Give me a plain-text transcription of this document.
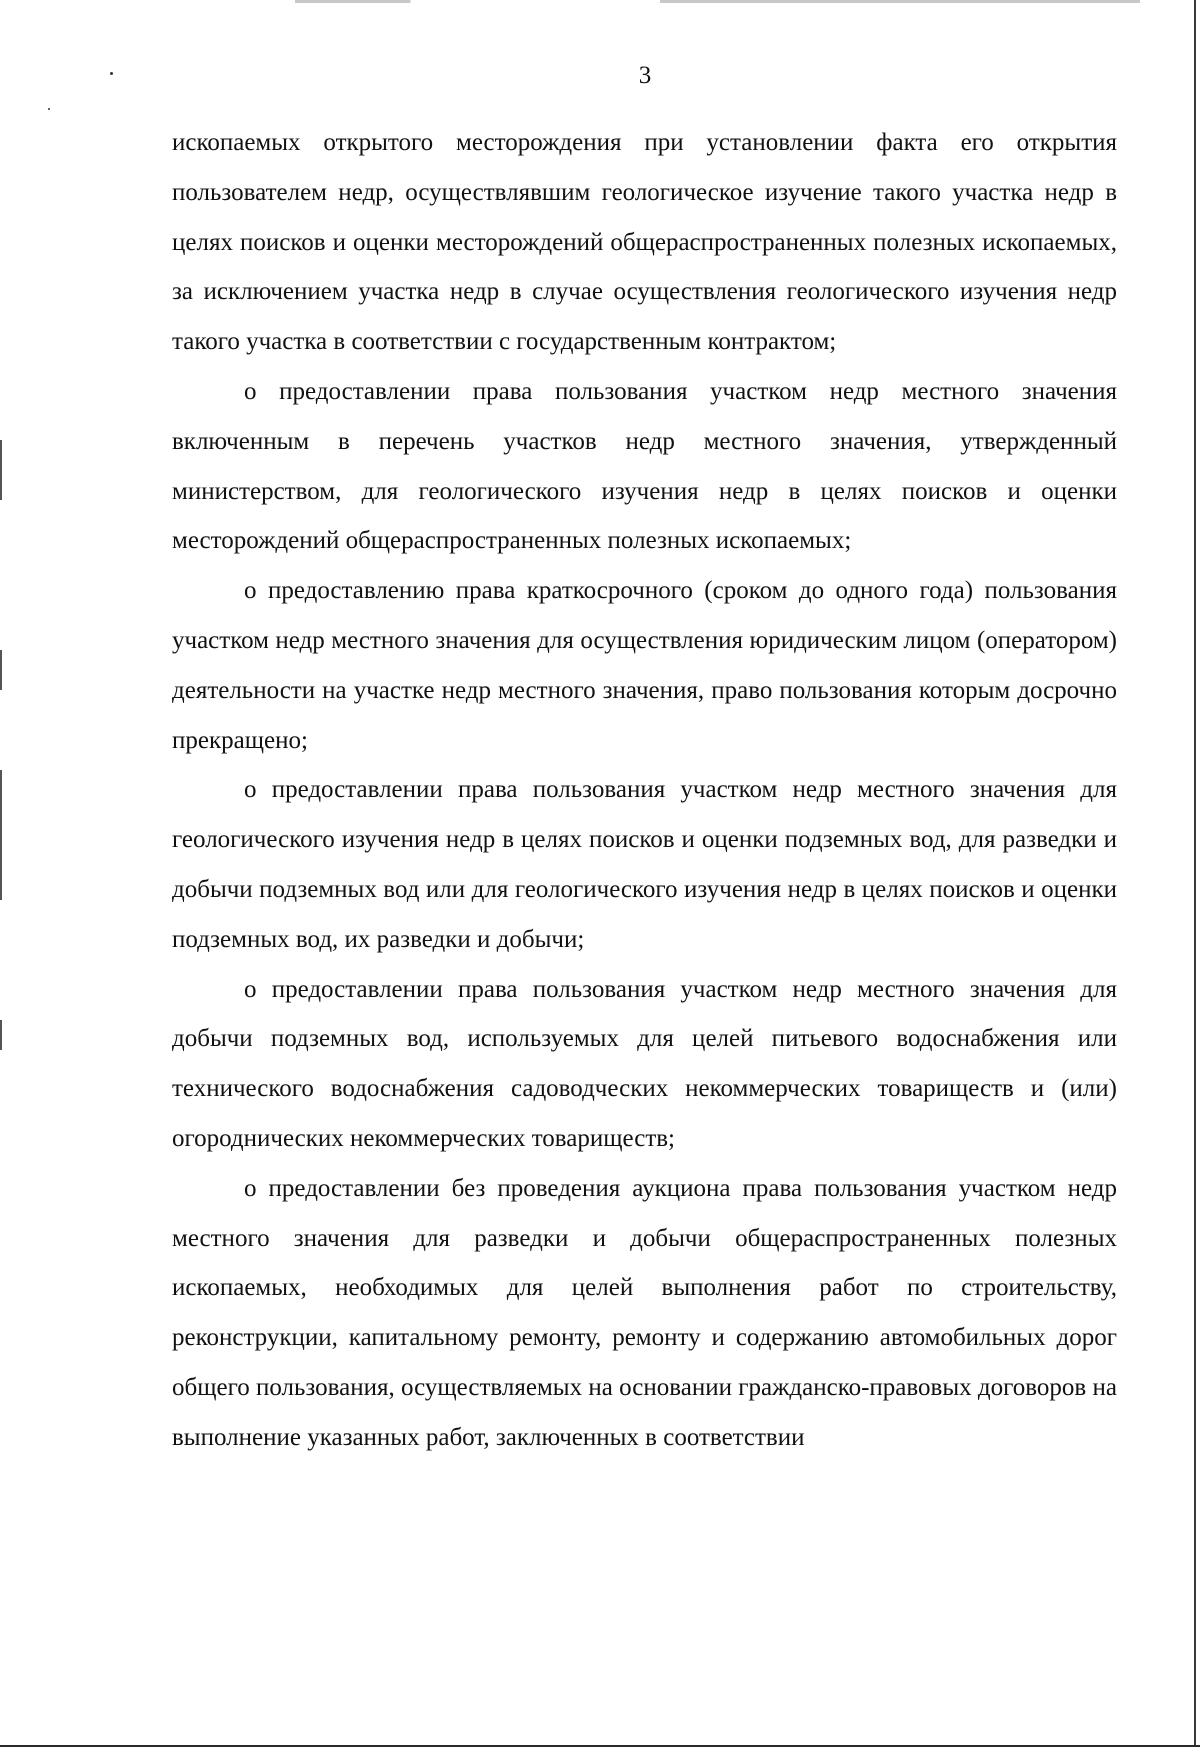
3

ископаемых открытого месторождения при установлении факта его открытия пользователем недр, осуществлявшим геологическое изучение такого участка недр в целях поисков и оценки месторождений общераспространенных полезных ископаемых, за исключением участка недр в случае осуществления геологического изучения недр такого участка в соответствии с государственным контрактом;

о предоставлении права пользования участком недр местного значения включенным в перечень участков недр местного значения, утвержденный министерством, для геологического изучения недр в целях поисков и оценки месторождений общераспространенных полезных ископаемых;

о предоставлению права краткосрочного (сроком до одного года) пользования участком недр местного значения для осуществления юридическим лицом (оператором) деятельности на участке недр местного значения, право пользования которым досрочно прекращено;

о предоставлении права пользования участком недр местного значения для геологического изучения недр в целях поисков и оценки подземных вод, для разведки и добычи подземных вод или для геологического изучения недр в целях поисков и оценки подземных вод, их разведки и добычи;

о предоставлении права пользования участком недр местного значения для добычи подземных вод, используемых для целей питьевого водоснабжения или технического водоснабжения садоводческих некоммерческих товариществ и (или) огороднических некоммерческих товариществ;

о предоставлении без проведения аукциона права пользования участком недр местного значения для разведки и добычи общераспространенных полезных ископаемых, необходимых для целей выполнения работ по строительству, реконструкции, капитальному ремонту, ремонту и содержанию автомобильных дорог общего пользования, осуществляемых на основании гражданско-правовых договоров на выполнение указанных работ, заключенных в соответствии
